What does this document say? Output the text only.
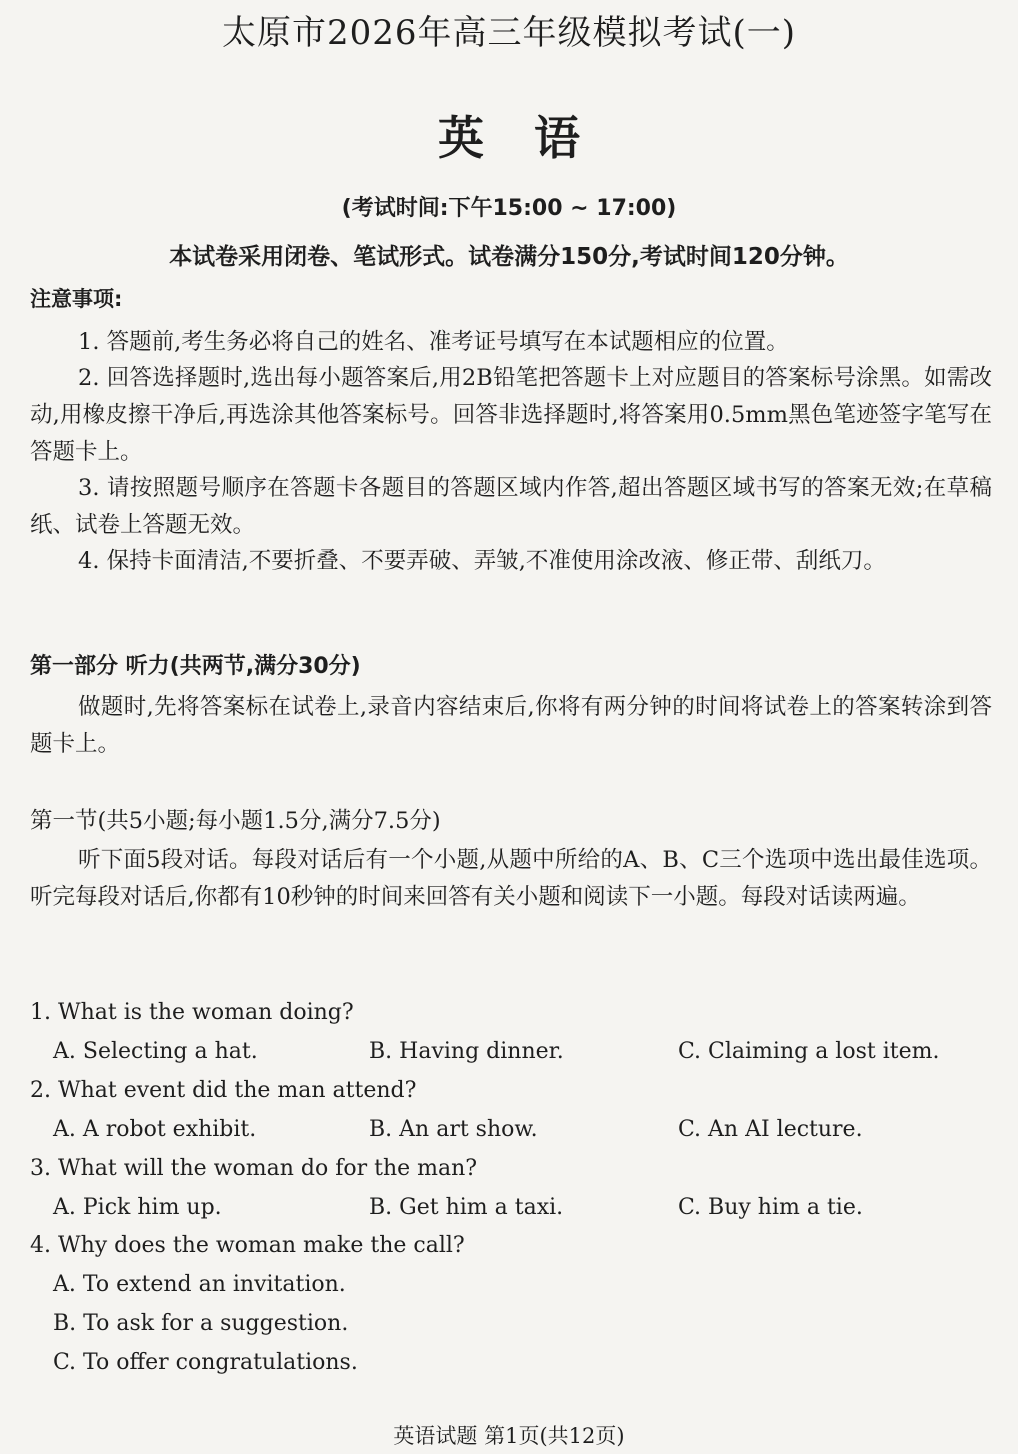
太原市2026年高三年级模拟考试(一)
英语
(考试时间:下午15:00 ~ 17:00)
本试卷采用闭卷、笔试形式。试卷满分150分,考试时间120分钟。
注意事项:
1. 答题前,考生务必将自己的姓名、准考证号填写在本试题相应的位置。
2. 回答选择题时,选出每小题答案后,用2B铅笔把答题卡上对应题目的答案标号涂黑。如需改动,用橡皮擦干净后,再选涂其他答案标号。回答非选择题时,将答案用0.5mm黑色笔迹签字笔写在答题卡上。
3. 请按照题号顺序在答题卡各题目的答题区域内作答,超出答题区域书写的答案无效;在草稿纸、试卷上答题无效。
4. 保持卡面清洁,不要折叠、不要弄破、弄皱,不准使用涂改液、修正带、刮纸刀。
第一部分 听力(共两节,满分30分)
做题时,先将答案标在试卷上,录音内容结束后,你将有两分钟的时间将试卷上的答案转涂到答题卡上。
第一节(共5小题;每小题1.5分,满分7.5分)
听下面5段对话。每段对话后有一个小题,从题中所给的A、B、C三个选项中选出最佳选项。听完每段对话后,你都有10秒钟的时间来回答有关小题和阅读下一小题。每段对话读两遍。
1. What is the woman doing?
A. Selecting a hat.	B. Having dinner.	C. Claiming a lost item.
2. What event did the man attend?
A. A robot exhibit.	B. An art show.	C. An AI lecture.
3. What will the woman do for the man?
A. Pick him up.	B. Get him a taxi.	C. Buy him a tie.
4. Why does the woman make the call?
A. To extend an invitation.
B. To ask for a suggestion.
C. To offer congratulations.
英语试题 第1页(共12页)
